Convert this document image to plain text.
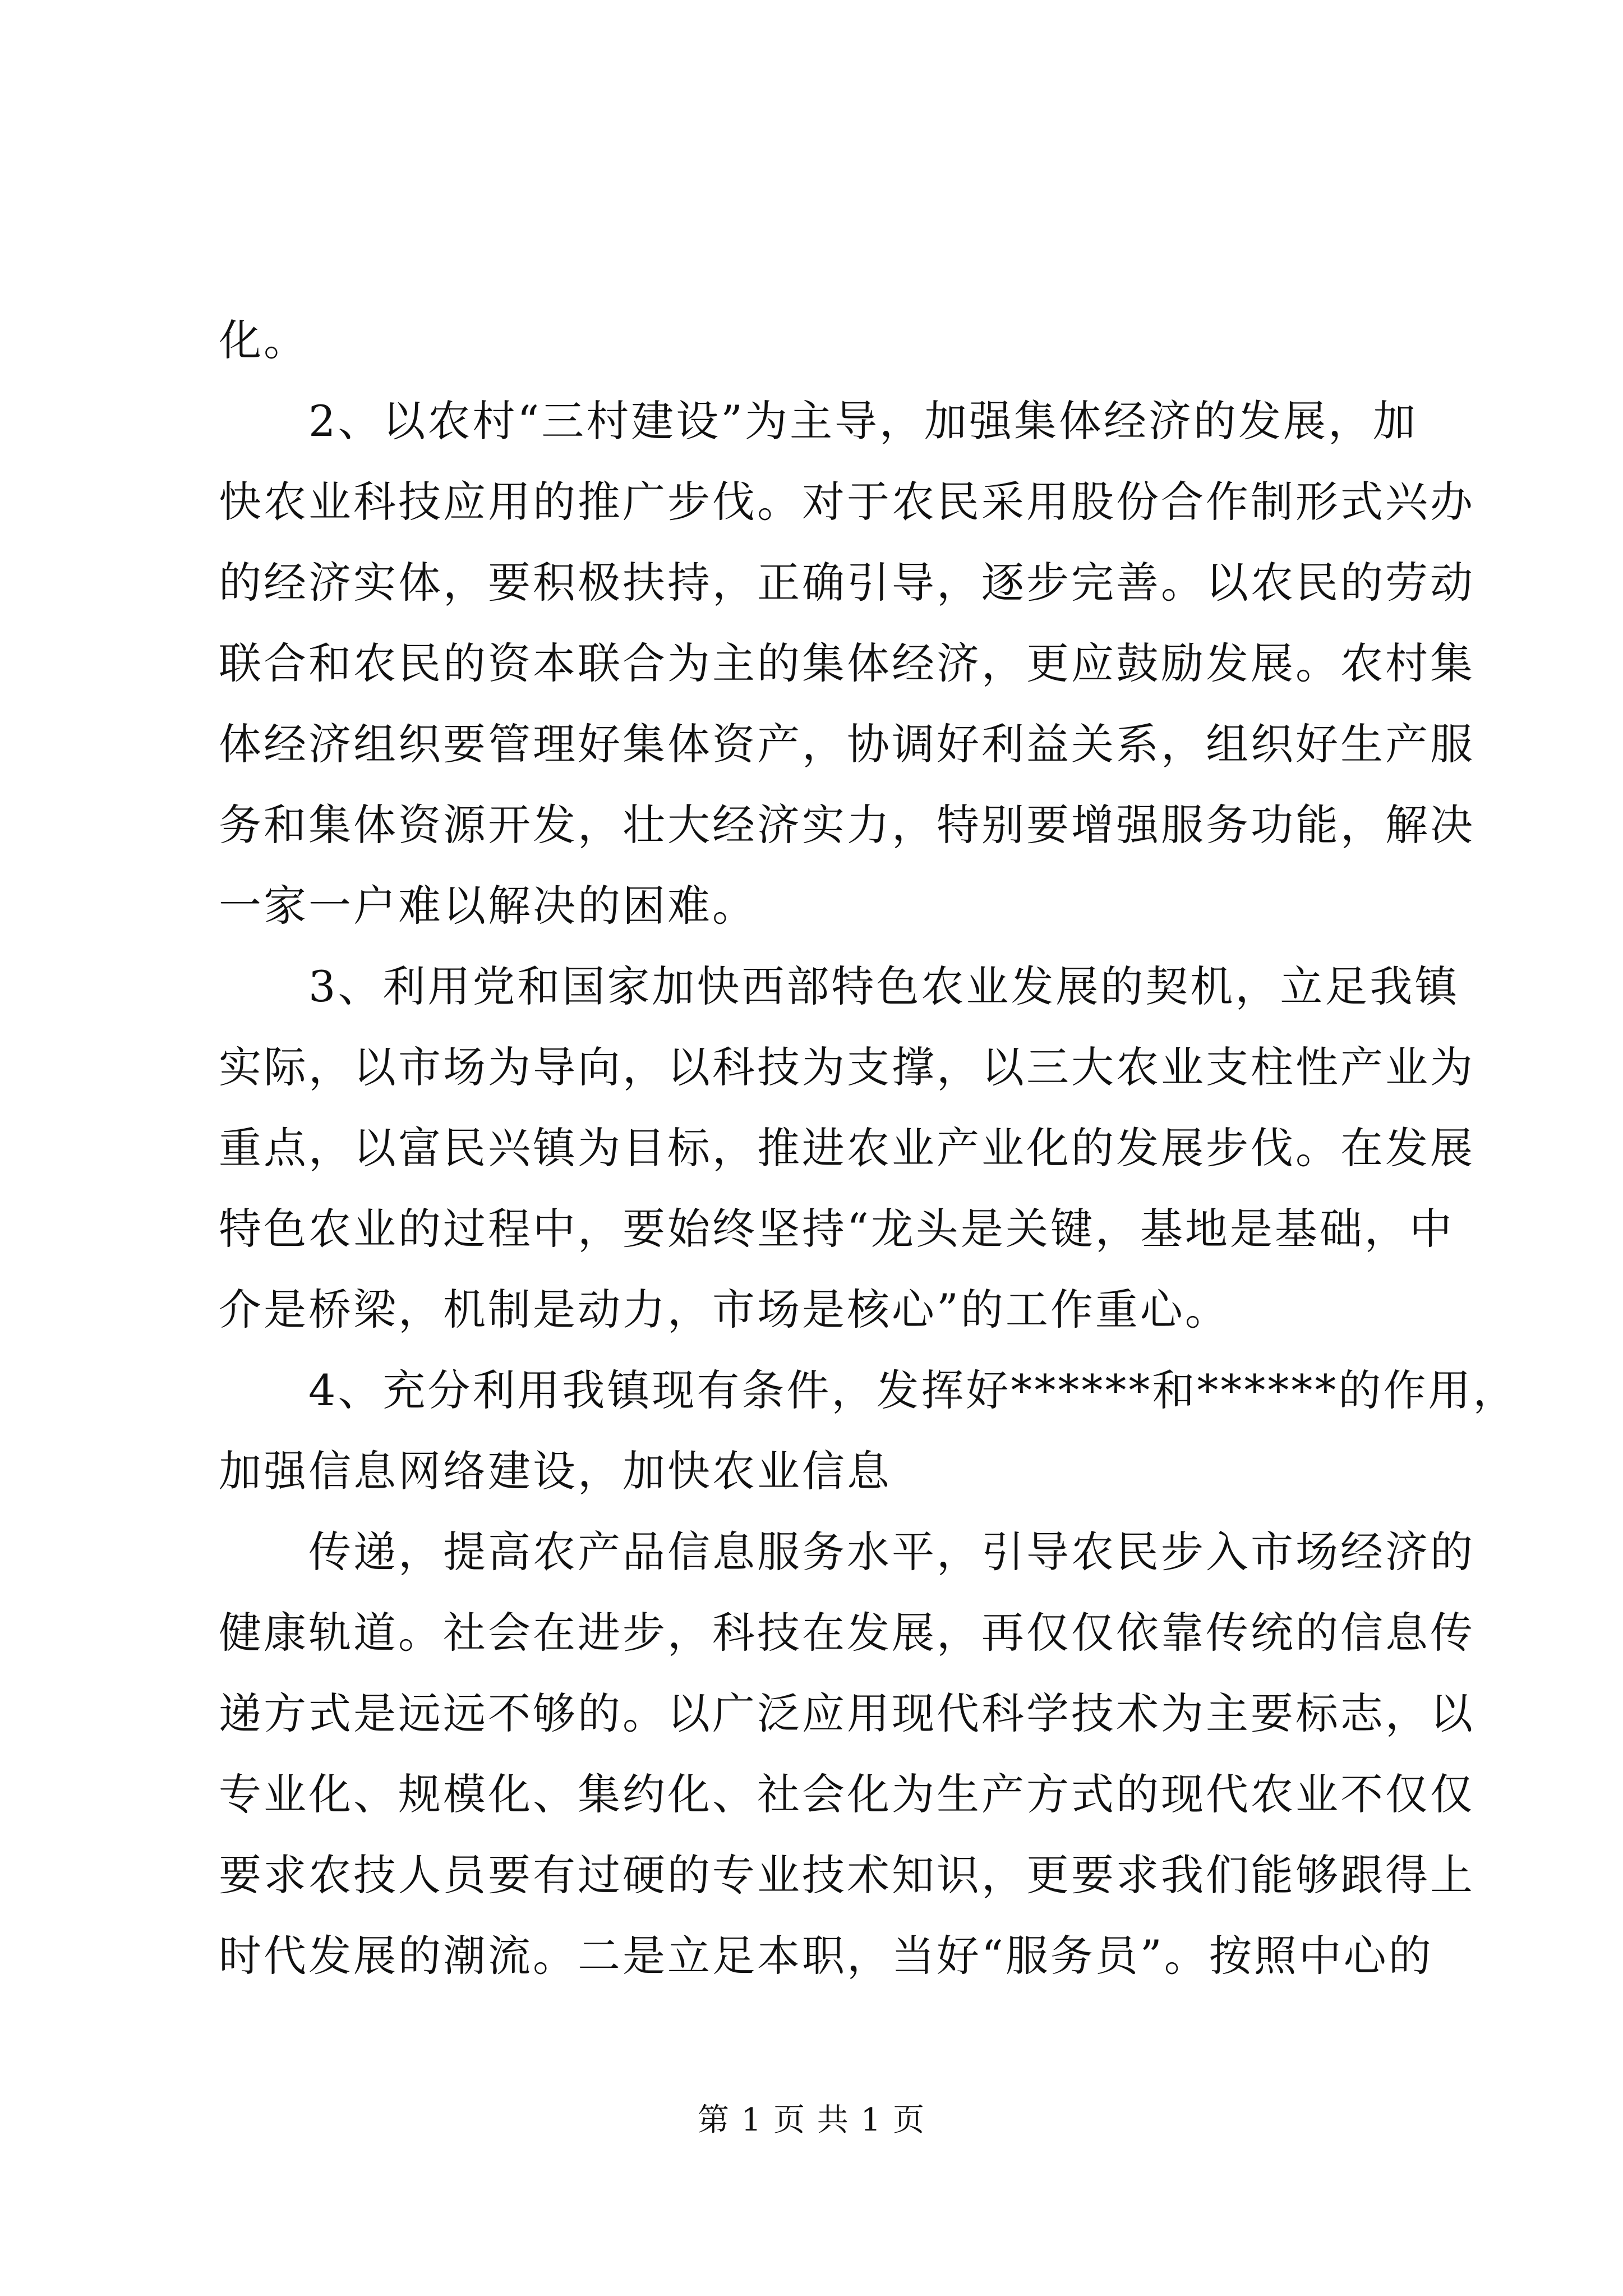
化。
2、以农村“三村建设”为主导，加强集体经济的发展，加
快农业科技应用的推广步伐。对于农民采用股份合作制形式兴办
的经济实体，要积极扶持，正确引导，逐步完善。以农民的劳动
联合和农民的资本联合为主的集体经济，更应鼓励发展。农村集
体经济组织要管理好集体资产，协调好利益关系，组织好生产服
务和集体资源开发，壮大经济实力，特别要增强服务功能，解决
一家一户难以解决的困难。
3、利用党和国家加快西部特色农业发展的契机，立足我镇
实际，以市场为导向，以科技为支撑，以三大农业支柱性产业为
重点，以富民兴镇为目标，推进农业产业化的发展步伐。在发展
特色农业的过程中，要始终坚持“龙头是关键，基地是基础，中
介是桥梁，机制是动力，市场是核心”的工作重心。
4、充分利用我镇现有条件，发挥好******和******的作用，
加强信息网络建设，加快农业信息
传递，提高农产品信息服务水平，引导农民步入市场经济的
健康轨道。社会在进步，科技在发展，再仅仅依靠传统的信息传
递方式是远远不够的。以广泛应用现代科学技术为主要标志，以
专业化、规模化、集约化、社会化为生产方式的现代农业不仅仅
要求农技人员要有过硬的专业技术知识，更要求我们能够跟得上
时代发展的潮流。二是立足本职，当好“服务员”。按照中心的
第 1 页 共 1 页
